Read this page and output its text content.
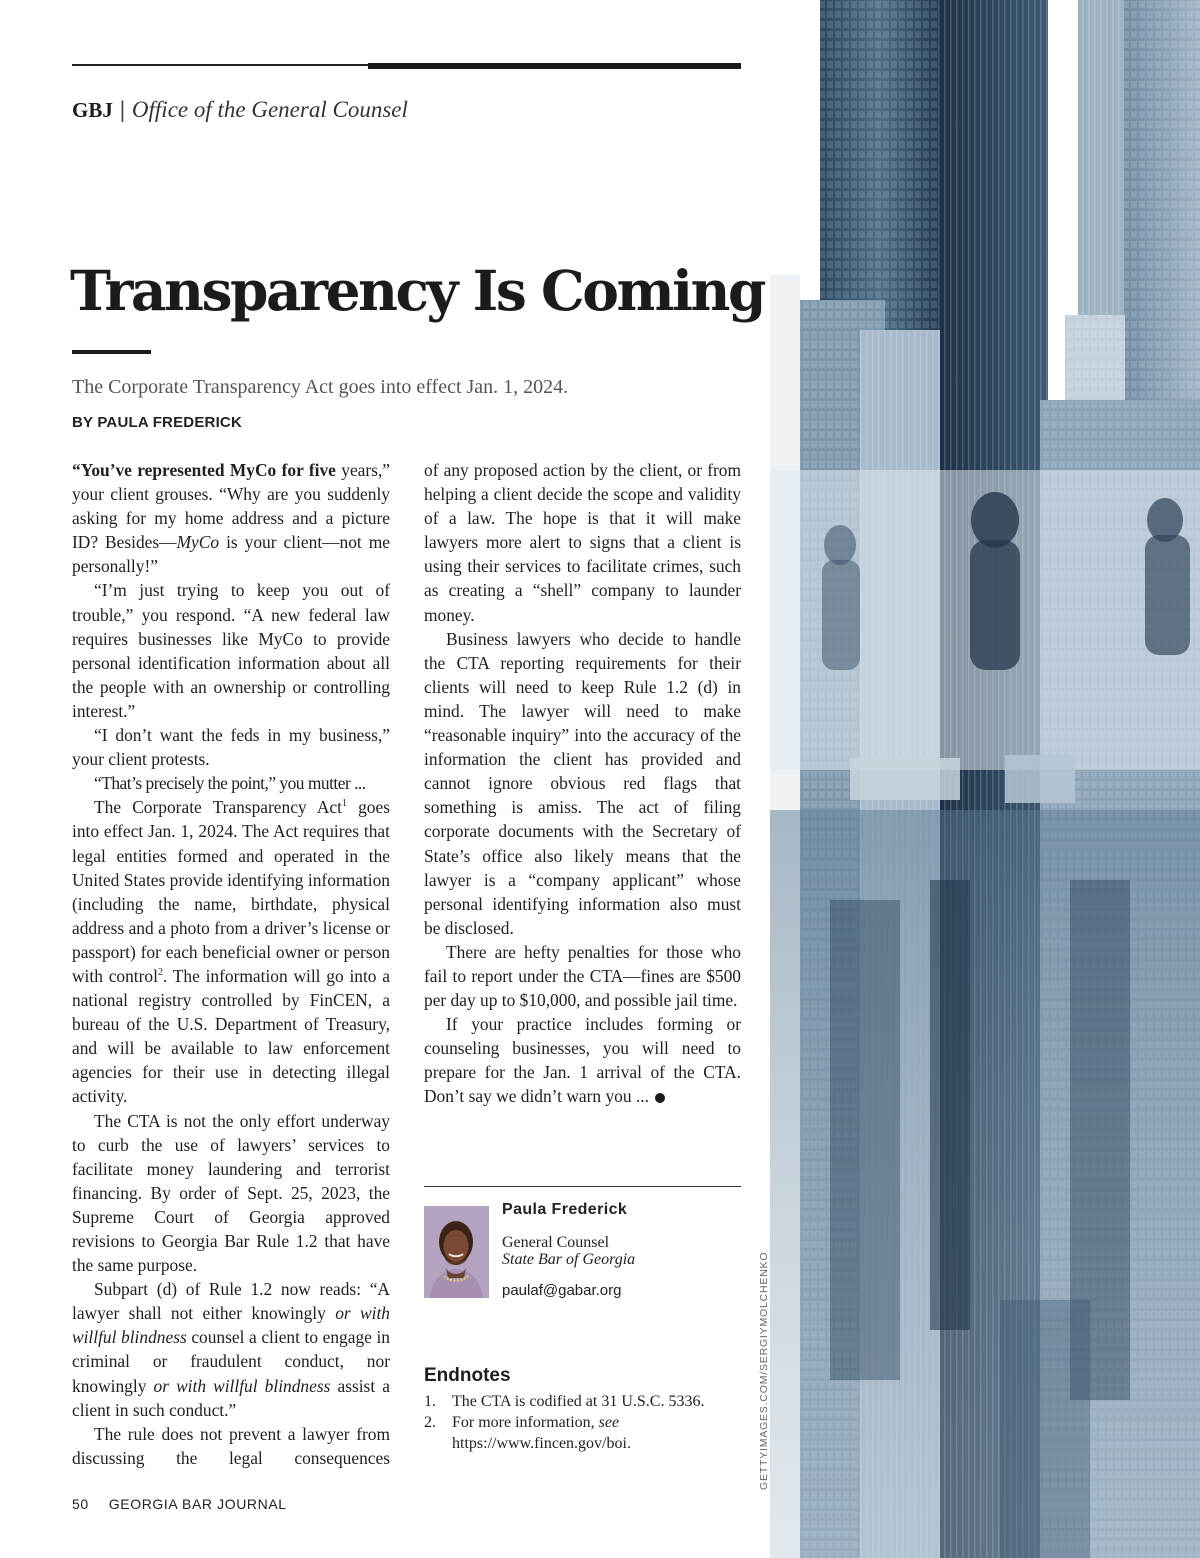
GBJ | Office of the General Counsel
Transparency Is Coming
The Corporate Transparency Act goes into effect Jan. 1, 2024.
BY PAULA FREDERICK

“You’ve represented MyCo for five years,” your client grouses. “Why are you suddenly asking for my home address and a picture ID? Besides—MyCo is your client—not me personally!”

“I’m just trying to keep you out of trouble,” you respond. “A new federal law requires businesses like MyCo to provide personal identification information about all the people with an ownership or controlling interest.”

“I don’t want the feds in my business,” your client protests.

“That’s precisely the point,” you mutter ...

The Corporate Transparency Act$^1$ goes into effect Jan. 1, 2024. The Act requires that legal entities formed and operated in the United States provide identifying information (including the name, birthdate, physical address and a photo from a driver’s license or passport) for each beneficial owner or person with control$^2$. The information will go into a national registry controlled by FinCEN, a bureau of the U.S. Department of Treasury, and will be available to law enforcement agencies for their use in detecting illegal activity.

The CTA is not the only effort underway to curb the use of lawyers’ services to facilitate money laundering and terrorist financing. By order of Sept. 25, 2023, the Supreme Court of Georgia approved revisions to Georgia Bar Rule 1.2 that have the same purpose.

Subpart (d) of Rule 1.2 now reads: “A lawyer shall not either knowingly or with willful blindness counsel a client to engage in criminal or fraudulent conduct, nor knowingly or with willful blindness assist a client in such conduct.”

The rule does not prevent a lawyer from discussing the legal consequences

of any proposed action by the client, or from helping a client decide the scope and validity of a law. The hope is that it will make lawyers more alert to signs that a client is using their services to facilitate crimes, such as creating a “shell” company to launder money.

Business lawyers who decide to handle the CTA reporting requirements for their clients will need to keep Rule 1.2 (d) in mind. The lawyer will need to make “reasonable inquiry” into the accuracy of the information the client has provided and cannot ignore obvious red flags that something is amiss. The act of filing corporate documents with the Secretary of State’s office also likely means that the lawyer is a “company applicant” whose personal identifying information also must be disclosed.

There are hefty penalties for those who fail to report under the CTA—fines are $500 per day up to $10,000, and possible jail time.

If your practice includes forming or counseling businesses, you will need to prepare for the Jan. 1 arrival of the CTA. Don’t say we didn’t warn you ...

Paula Frederick
General Counsel
State Bar of Georgia
paulaf@gabar.org
Endnotes
1. The CTA is codified at 31 U.S.C. 5336.
2. For more information, see https://www.fincen.gov/boi.
50 GEORGIA BAR JOURNAL
GETTYIMAGES.COM/SERGIYMOLCHENKO
